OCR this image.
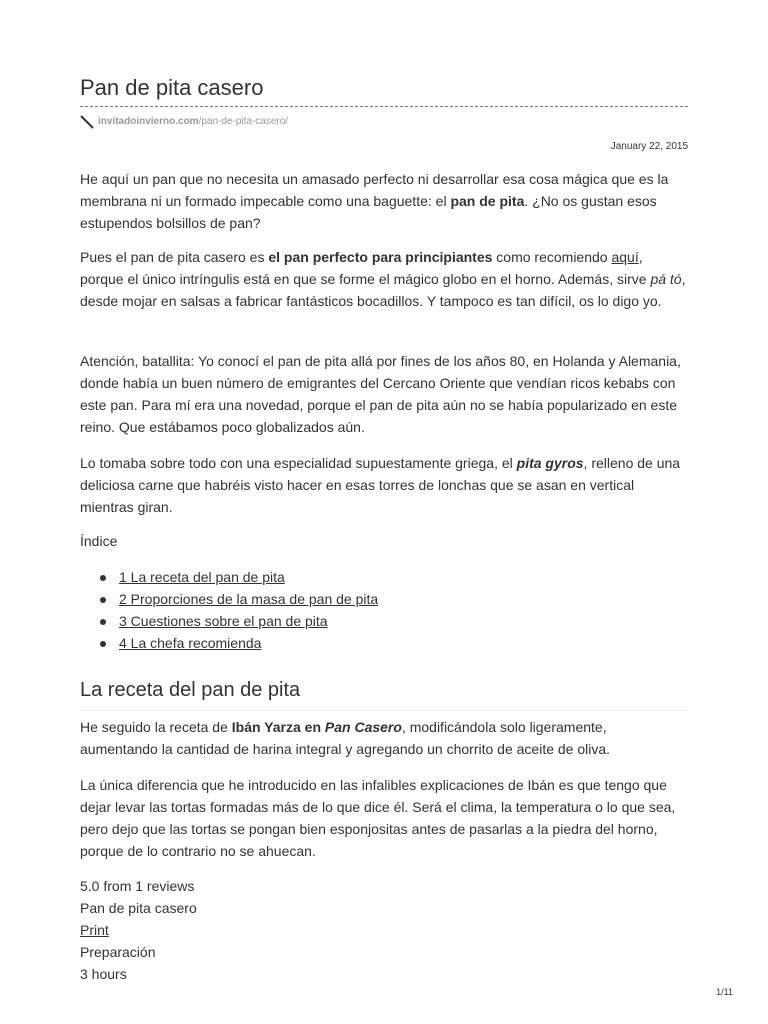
Pan de pita casero
invitadoinvierno.com/pan-de-pita-casero/
January 22, 2015

He aquí un pan que no necesita un amasado perfecto ni desarrollar esa cosa mágica que es la membrana ni un formado impecable como una baguette: el pan de pita. ¿No os gustan esos estupendos bolsillos de pan?

Pues el pan de pita casero es el pan perfecto para principiantes como recomiendo aquí, porque el único intríngulis está en que se forme el mágico globo en el horno. Además, sirve pá tó, desde mojar en salsas a fabricar fantásticos bocadillos. Y tampoco es tan difícil, os lo digo yo.

Atención, batallita: Yo conocí el pan de pita allá por fines de los años 80, en Holanda y Alemania, donde había un buen número de emigrantes del Cercano Oriente que vendían ricos kebabs con este pan. Para mí era una novedad, porque el pan de pita aún no se había popularizado en este reino. Que estábamos poco globalizados aún.

Lo tomaba sobre todo con una especialidad supuestamente griega, el pita gyros, relleno de una deliciosa carne que habréis visto hacer en esas torres de lonchas que se asan en vertical mientras giran.

Índice

1 La receta del pan de pita
2 Proporciones de la masa de pan de pita
3 Cuestiones sobre el pan de pita
4 La chefa recomienda
La receta del pan de pita

He seguido la receta de Ibán Yarza en Pan Casero, modificándola solo ligeramente, aumentando la cantidad de harina integral y agregando un chorrito de aceite de oliva.

La única diferencia que he introducido en las infalibles explicaciones de Ibán es que tengo que dejar levar las tortas formadas más de lo que dice él. Será el clima, la temperatura o lo que sea, pero dejo que las tortas se pongan bien esponjositas antes de pasarlas a la piedra del horno, porque de lo contrario no se ahuecan.

5.0 from 1 reviews
Pan de pita casero
Print
Preparación
3 hours
1/11
